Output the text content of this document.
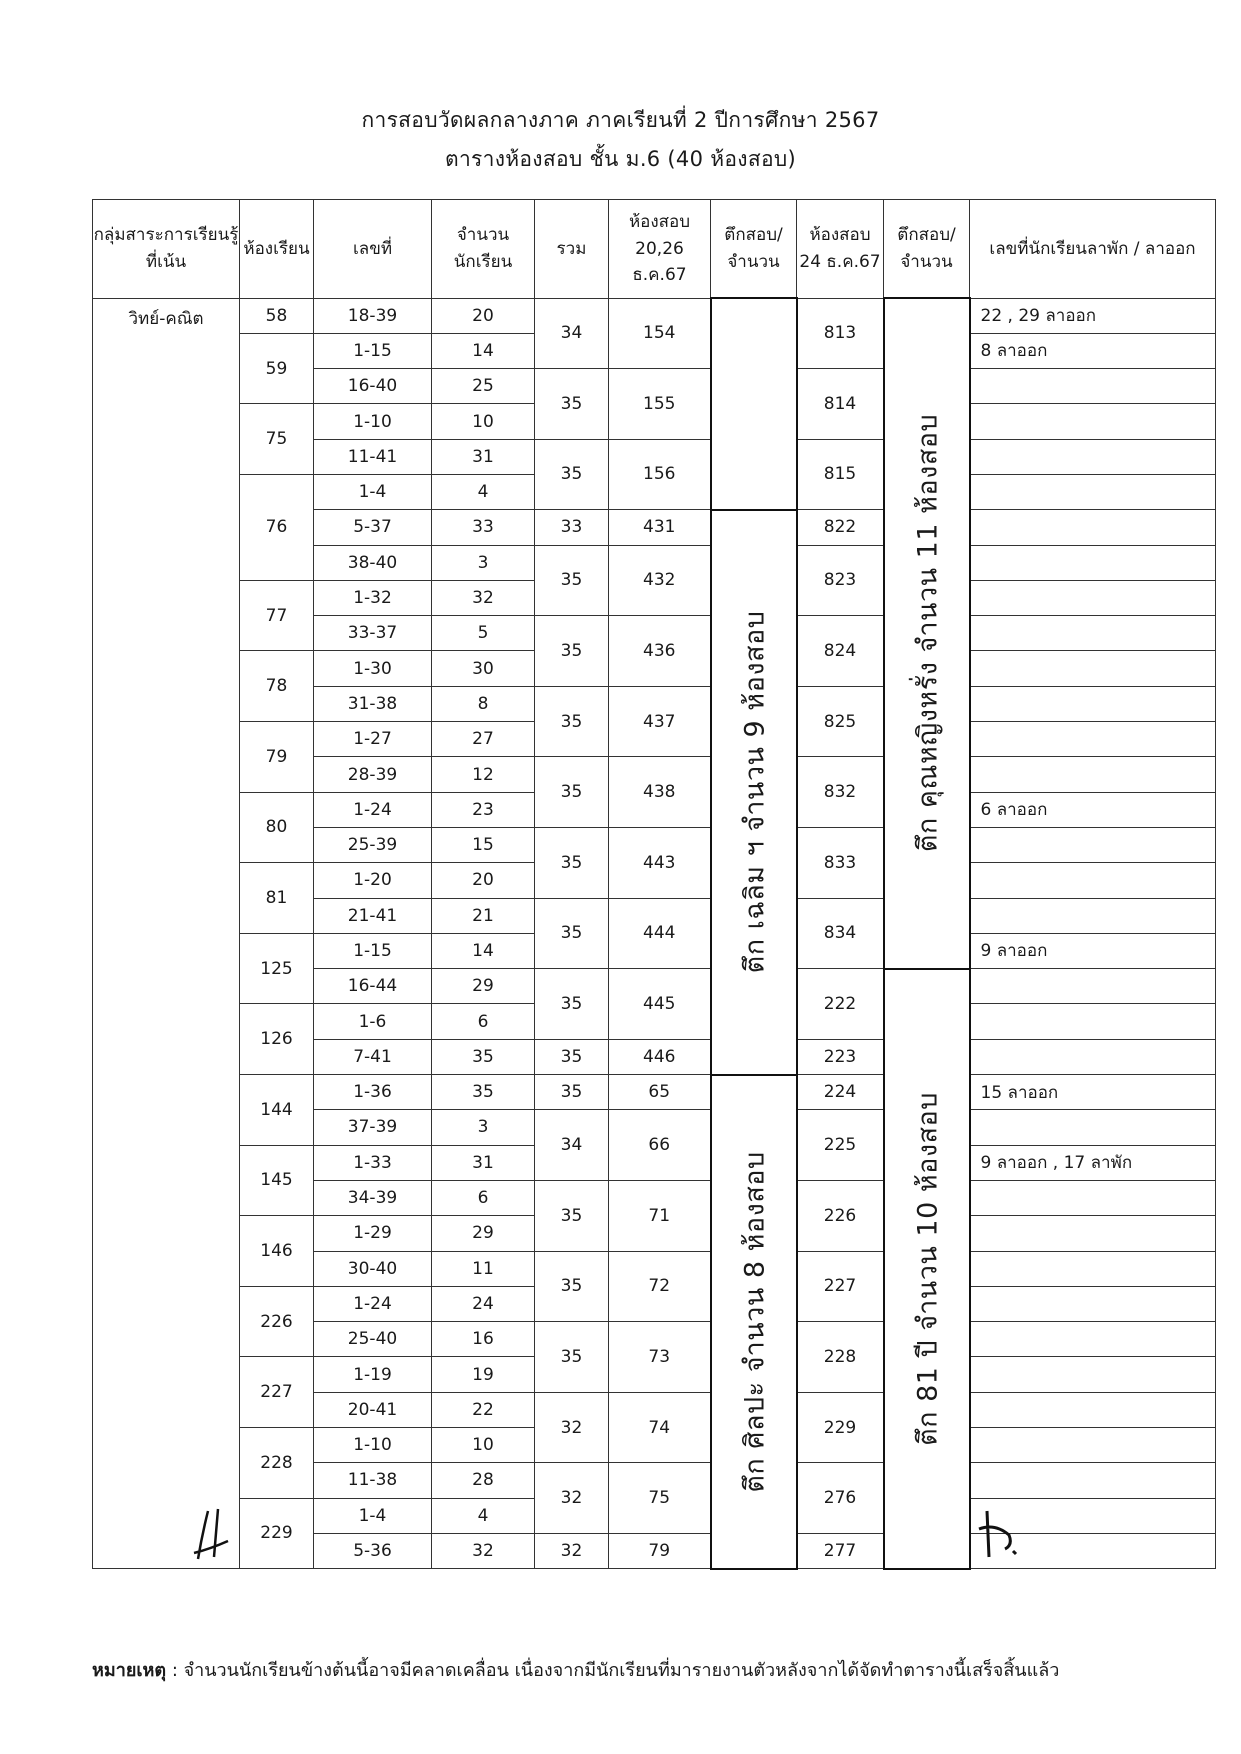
การสอบวัดผลกลางภาค ภาคเรียนที่ 2 ปีการศึกษา 2567
ตารางห้องสอบ ชั้น ม.6 (40 ห้องสอบ)
กลุ่มสาระการเรียนรู้ที่เน้น	ห้องเรียน	เลขที่	จำนวนนักเรียน	รวม	ห้องสอบ 20,26 ธ.ค.67	ตึกสอบ/จำนวน	ห้องสอบ 24 ธ.ค.67	ตึกสอบ/จำนวน	เลขที่นักเรียนลาพัก / ลาออก
วิทย์-คณิต	58	18-39	20	34	154		813	ตึก คุณหญิงหรั่ง จำนวน 11 ห้องสอบ	22 , 29 ลาออก
	59	1-15	14						8 ลาออก
		16-40	25	35	155		814		
	75	1-10	10						
		11-41	31	35	156		815		
	76	1-4	4						
		5-37	33	33	431	ตึก เฉลิม ฯ จำนวน 9 ห้องสอบ	822		
		38-40	3	35	432		823		
	77	1-32	32						
		33-37	5	35	436		824		
	78	1-30	30						
		31-38	8	35	437		825		
	79	1-27	27						
		28-39	12	35	438		832		
	80	1-24	23						6 ลาออก
		25-39	15	35	443		833		
	81	1-20	20						
		21-41	21	35	444		834		
	125	1-15	14						9 ลาออก
		16-44	29	35	445		222	ตึก 81 ปี จำนวน 10 ห้องสอบ	

	126	1-6	6						
		7-41	35	35	446		223		
	144	1-36	35	35	65	ตึก ศิลปะ จำนวน 8 ห้องสอบ	224		15 ลาออก
		37-39	3	34	66		225		
	145	1-33	31						9 ลาออก , 17 ลาพัก
		34-39	6	35	71		226		
	146	1-29	29						
		30-40	11	35	72		227		
	226	1-24	24						
		25-40	16	35	73		228		
	227	1-19	19						
		20-41	22	32	74		229		
	228	1-10	10						
		11-38	28	32	75		276		
	229	1-4	4						
		5-36	32	32	79		277		
หมายเหตุ : จำนวนนักเรียนข้างต้นนี้อาจมีคลาดเคลื่อน เนื่องจากมีนักเรียนที่มารายงานตัวหลังจากได้จัดทำตารางนี้เสร็จสิ้นแล้ว
